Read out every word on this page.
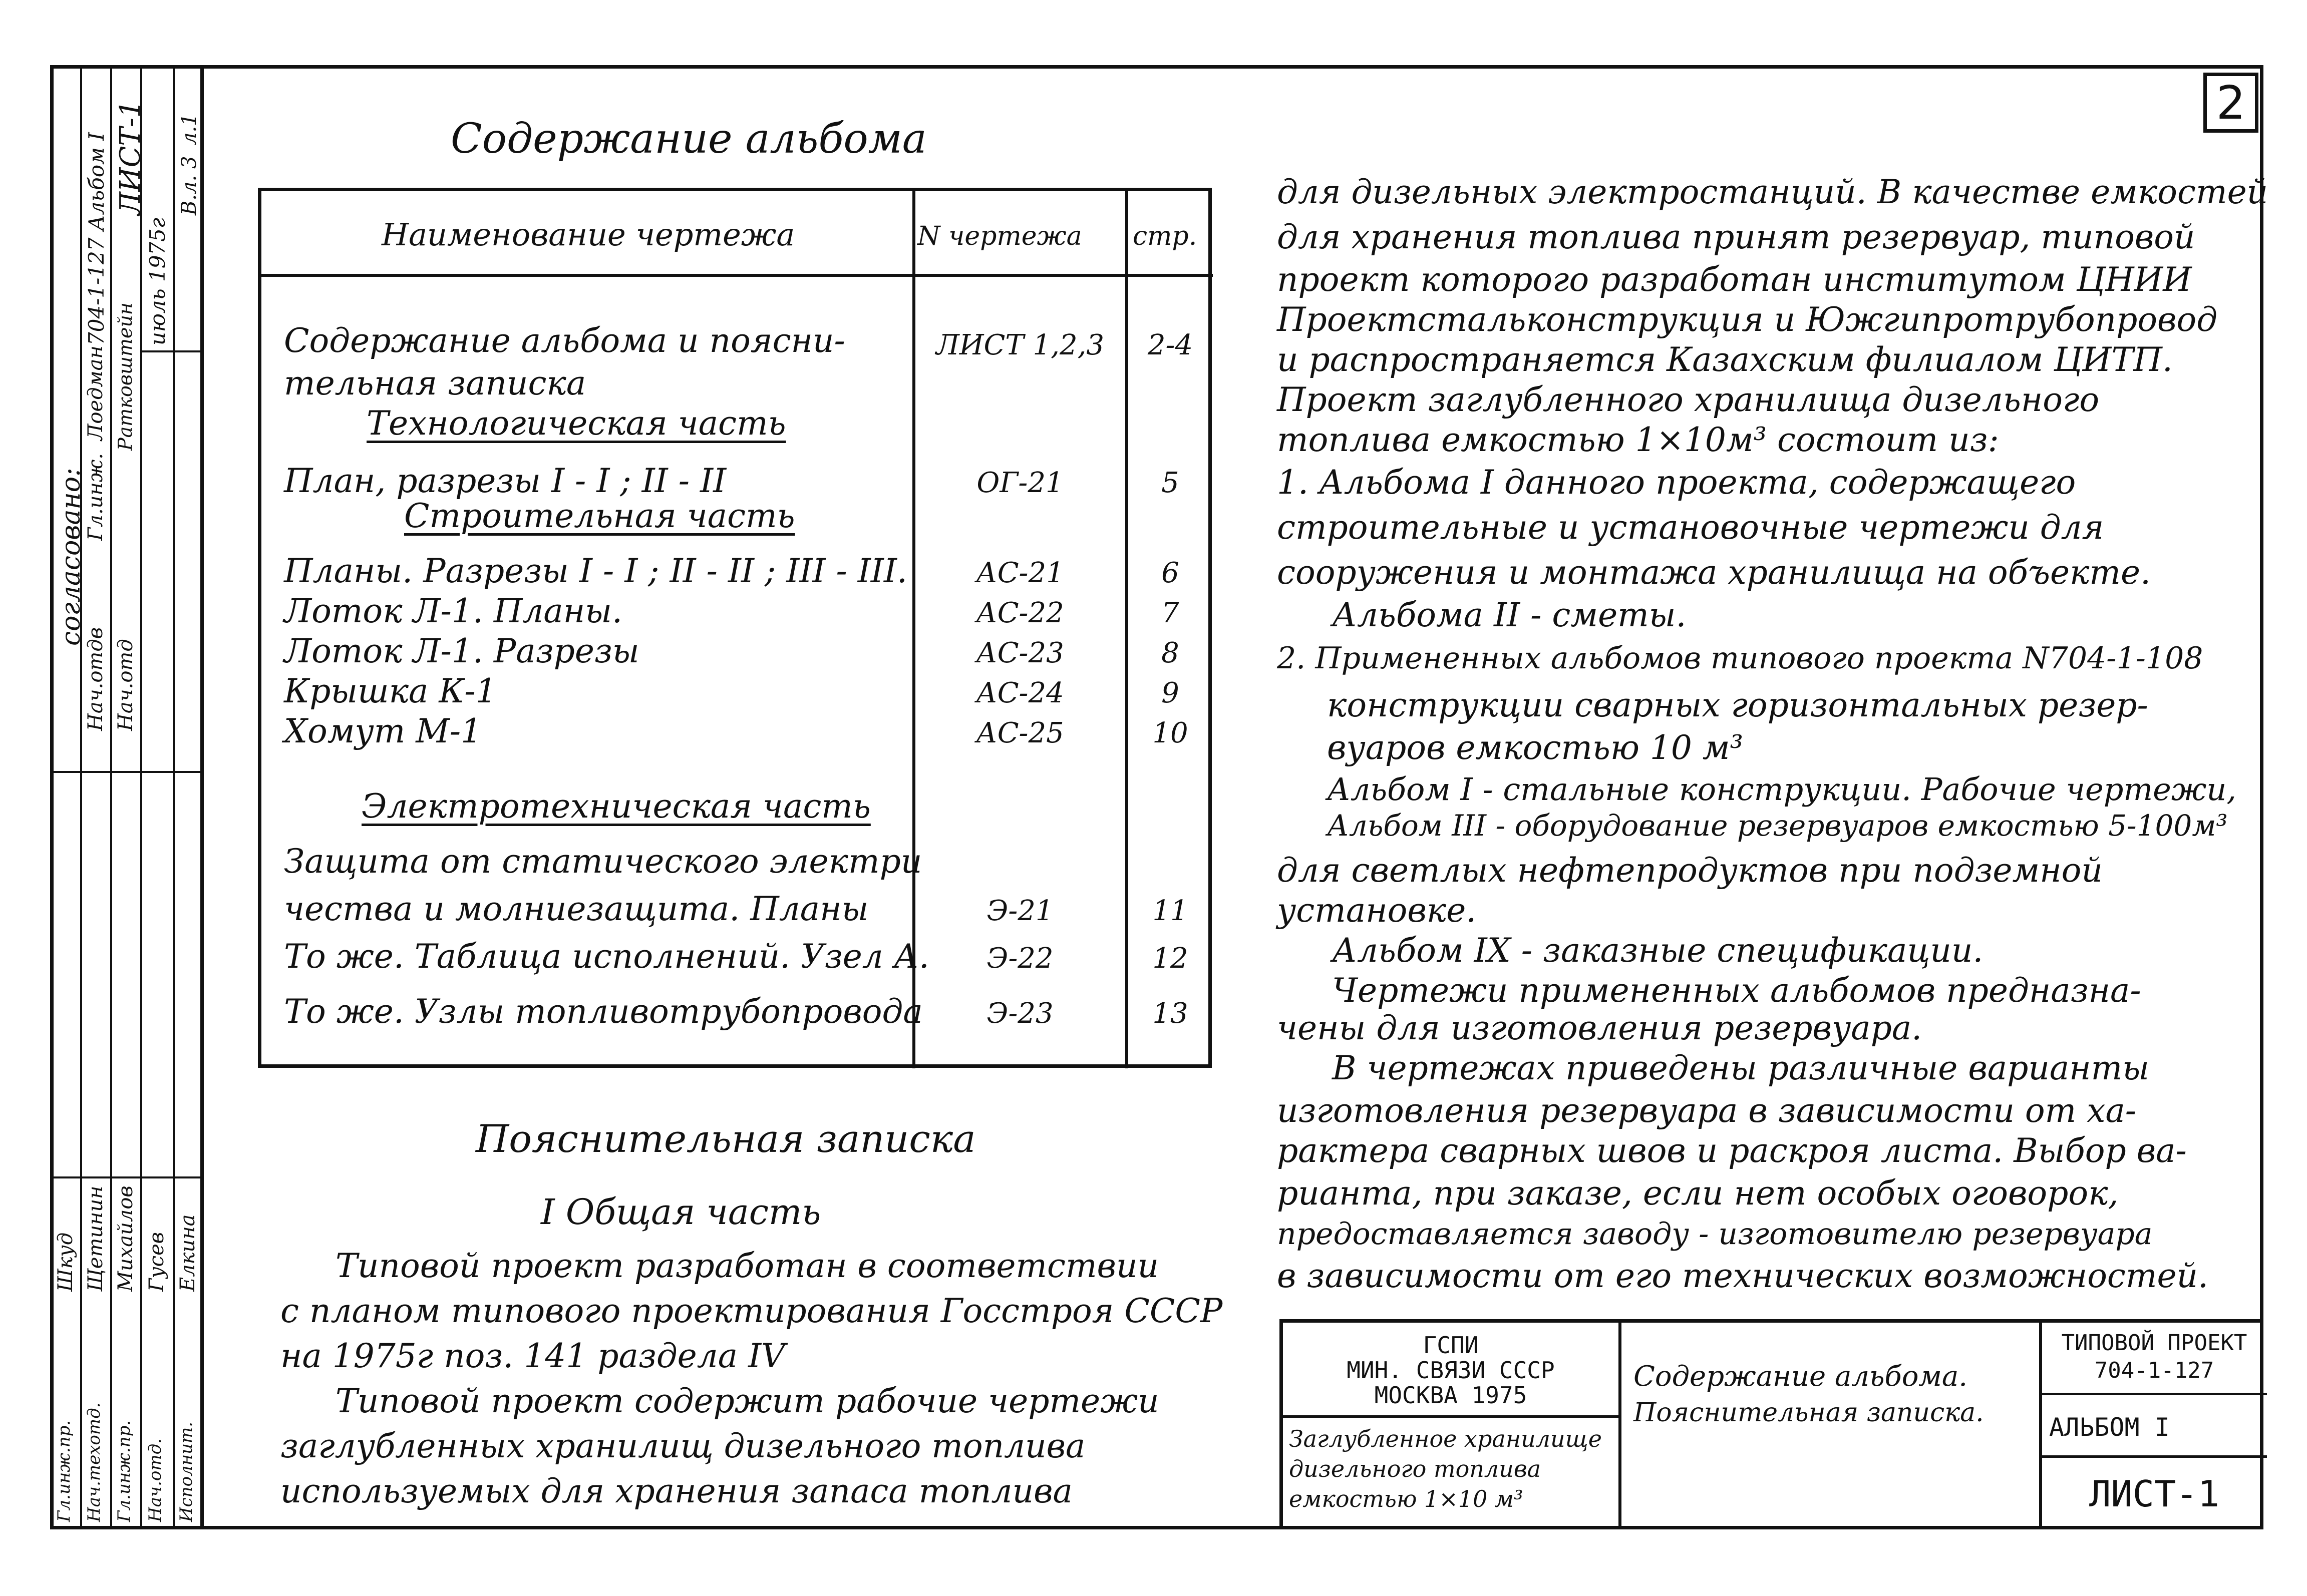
2
согласовано:
Нач.отдв Нач.отд
Гл.инж.
Лоедман Ратковштейн
704-1-127 Альбом I ЛИСТ-1
июль 1975г
В.л. 3
л.1
Гл.инж.пр. Нач.техотд. Гл.инж.пр. Нач.отд. Исполнит.
Шкуд Щетинин Михайлов Гусев Елкина
Содержание альбома
Наименование чертежа	N чертежа стр.
Содержание альбома и поясни-
тельная записка
ЛИСТ 1,2,3	2-4
Технологическая часть
План, разрезы I - I ; II - II	ОГ-21	5
Строительная часть
Планы. Разрезы I - I ; II - II ; III - III.	АС-21	6
Лоток Л-1. Планы.	АС-22	7
Лоток Л-1. Разрезы	АС-23	8
Крышка К-1	АС-24	9
Хомут М-1	АС-25	10
Электротехническая часть
Защита от статического электри
чества и молниезащита. Планы	Э-21	11
То же. Таблица исполнений. Узел А.	Э-22	12
То же. Узлы топливотрубопровода	Э-23	13
Пояснительная записка
I Общая часть
Типовой проект разработан в соответствии
с планом типового проектирования Госстроя СССР
на 1975г поз. 141 раздела IV
Типовой проект содержит рабочие чертежи
заглубленных хранилищ дизельного топлива
используемых для хранения запаса топлива
для дизельных электростанций. В качестве емкостей
для хранения топлива принят резервуар, типовой
проект которого разработан институтом ЦНИИ
Проектстальконструкция и Южгипротрубопровод
и распространяется Казахским филиалом ЦИТП.
Проект заглубленного хранилища дизельного
топлива емкостью 1×10м³ состоит из:
1. Альбома I данного проекта, содержащего
строительные и установочные чертежи для
сооружения и монтажа хранилища на объекте.
Альбома II - сметы.
2. Примененных альбомов типового проекта N704-1-108
конструкции сварных горизонтальных резер-
вуаров емкостью 10 м³
Альбом I - стальные конструкции. Рабочие чертежи,
Альбом III - оборудование резервуаров емкостью 5-100м³
для светлых нефтепродуктов при подземной
установке.
Альбом IX - заказные спецификации.
Чертежи примененных альбомов предназна-
чены для изготовления резервуара.
В чертежах приведены различные варианты
изготовления резервуара в зависимости от ха-
рактера сварных швов и раскроя листа. Выбор ва-
рианта, при заказе, если нет особых оговорок,
предоставляется заводу - изготовителю резервуара
в зависимости от его технических возможностей.
ГСПИ
МИН. СВЯЗИ СССР
МОСКВА 1975
Заглубленное хранилище
дизельного топлива
емкостью 1×10 м³
Содержание альбома.
Пояснительная записка.
ТИПОВОЙ ПРОЕКТ
704-1-127
АЛЬБОМ I
ЛИСТ-1
